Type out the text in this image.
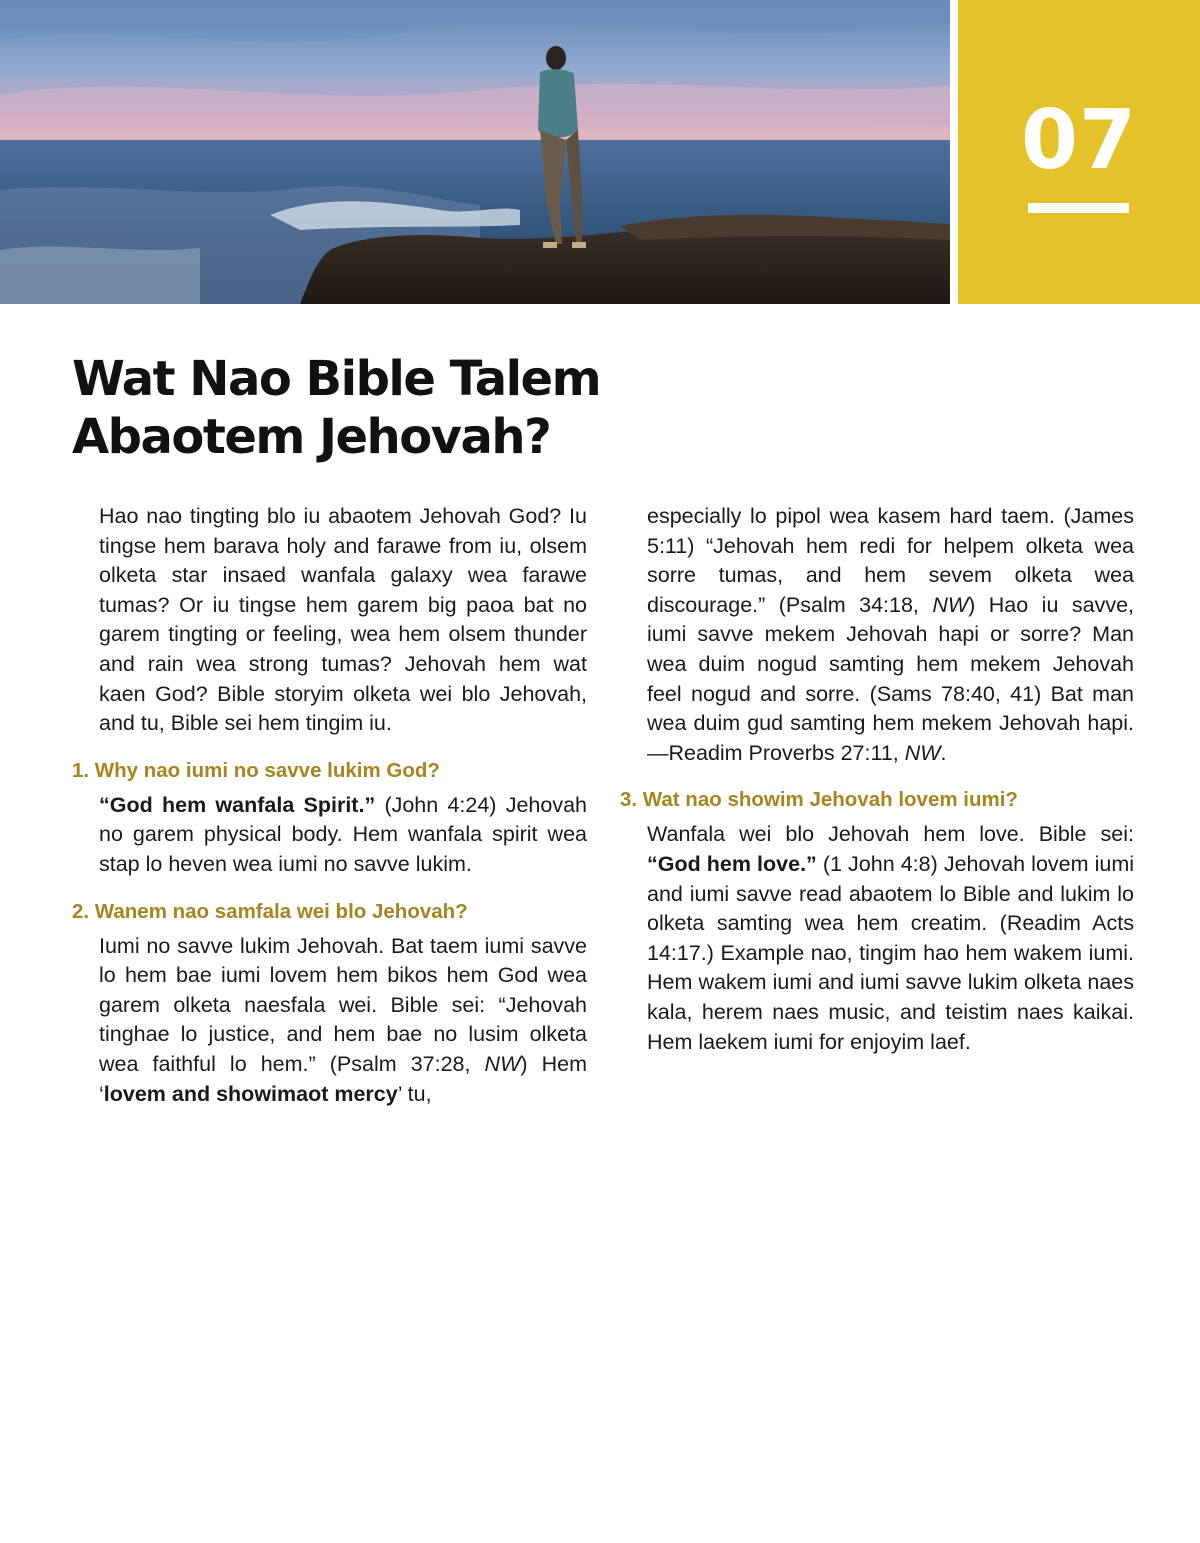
07
Wat Nao Bible Talem
Abaotem Jehovah?

Hao nao tingting blo iu abaotem Jehovah God? Iu tingse hem barava holy and farawe from iu, olsem olketa star insaed wanfala galaxy wea farawe tumas? Or iu tingse hem garem big paoa bat no garem tingting or feeling, wea hem olsem thunder and rain wea strong tumas? Jehovah hem wat kaen God? Bible storyim olketa wei blo Jehovah, and tu, Bible sei hem tingim iu.

1. Why nao iumi no savve lukim God?

“God hem wanfala Spirit.” (John 4:24) Jehovah no garem physical body. Hem wanfala spirit wea stap lo heven wea iumi no savve lukim.

2. Wanem nao samfala wei blo Jehovah?

Iumi no savve lukim Jehovah. Bat taem iumi savve lo hem bae iumi lovem hem bikos hem God wea garem olketa naesfala wei. Bible sei: “Jehovah tinghae lo justice, and hem bae no lusim olketa wea faithful lo hem.” (Psalm 37:28, NW) Hem ‘lovem and showimaot mercy’ tu,

especially lo pipol wea kasem hard taem. (James 5:11) “Jehovah hem redi for helpem olketa wea sorre tumas, and hem sevem olketa wea discourage.” (Psalm 34:18, NW) Hao iu savve, iumi savve mekem Jehovah hapi or sorre? Man wea duim nogud samting hem mekem Jehovah feel nogud and sorre. (Sams 78:40, 41) Bat man wea duim gud samting hem mekem Jehovah hapi.—Readim Proverbs 27:11, NW.

3. Wat nao showim Jehovah lovem iumi?

Wanfala wei blo Jehovah hem love. Bible sei: “God hem love.” (1 John 4:8) Jehovah lovem iumi and iumi savve read abaotem lo Bible and lukim lo olketa samting wea hem creatim. (Readim Acts 14:17.) Example nao, tingim hao hem wakem iumi. Hem wakem iumi and iumi savve lukim olketa naes kala, herem naes music, and teistim naes kaikai. Hem laekem iumi for enjoyim laef.
